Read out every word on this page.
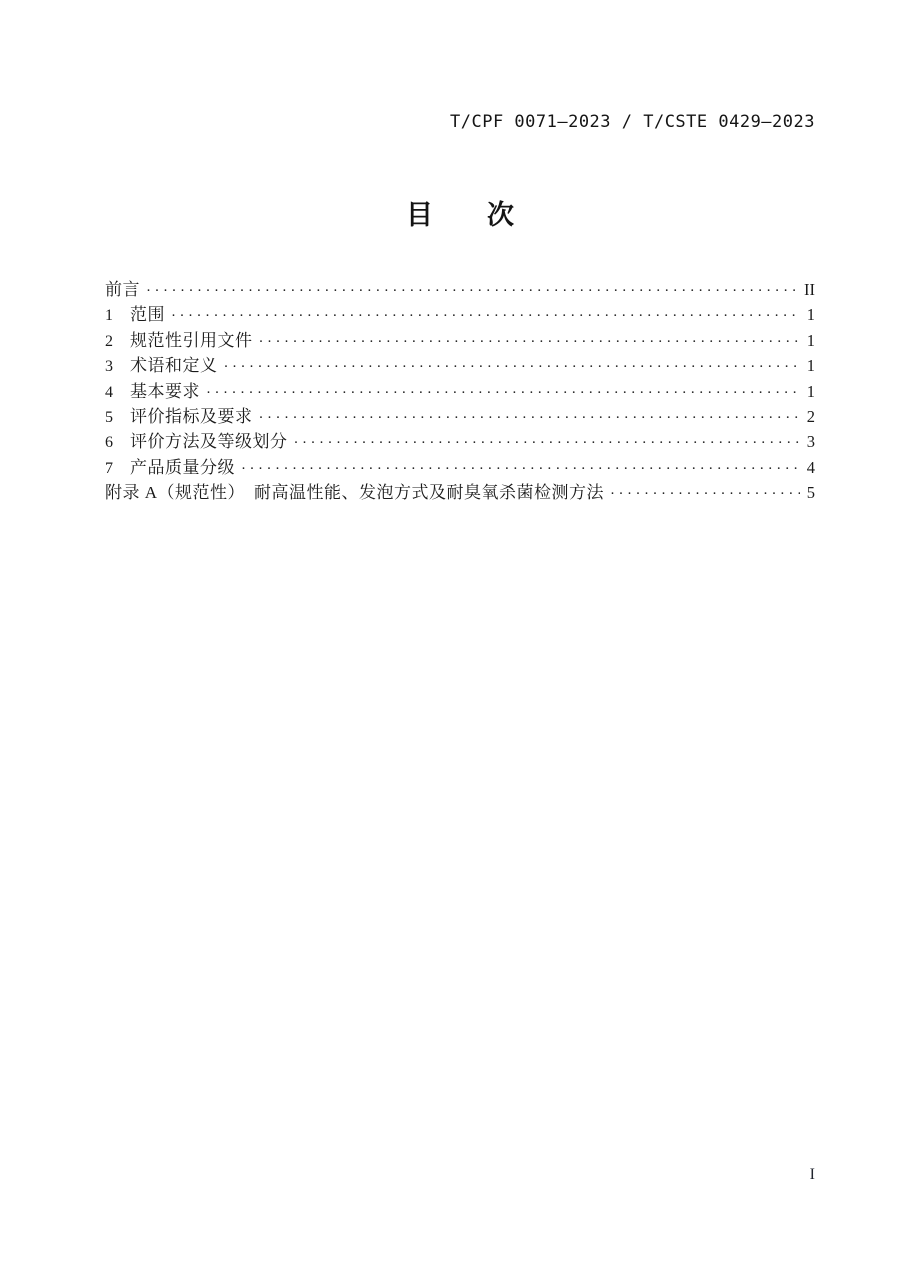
T/CPF 0071—2023 / T/CSTE 0429—2023
目　　次
前言 ·····	II
1	范围 ·····	1
2	规范性引用文件 ·····	1
3	术语和定义 ·····	1
4	基本要求 ·····	1
5	评价指标及要求 ·····	2
6	评价方法及等级划分 ·····	3
7	产品质量分级 ·····	4
附录 A（规范性）　耐高温性能、发泡方式及耐臭氧杀菌检测方法 ·····	5
I
